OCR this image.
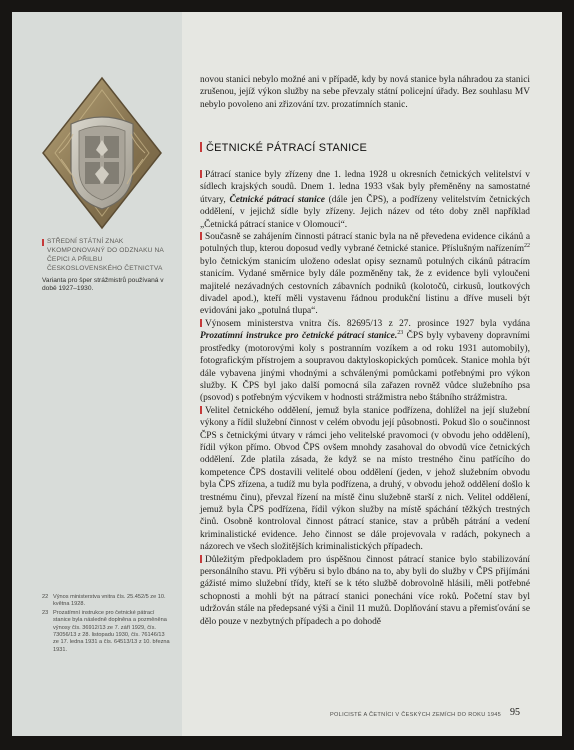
STŘEDNÍ STÁTNÍ ZNAK VKOMPONOVANÝ DO ODZNAKU NA ČEPICI A PŘILBU ČESKOSLOVENSKÉHO ČETNICTVA
Varianta pro šper strážmistrů používaná v době 1927–1930.
22 Výnos ministerstva vnitra čís. 25.452/5 ze 10. května 1928.
23 Prozatímní instrukce pro četnické pátrací stanice byla následně doplněna a pozměněna výnosy čís. 36912/13 ze 7. září 1929, čís. 73056/13 z 28. listopadu 1930, čís. 76146/13 ze 17. ledna 1931 a čís. 64513/13 z 10. března 1931.

novou stanici nebylo možné ani v případě, kdy by nová stanice byla náhradou za stanici zrušenou, jejíž výkon služby na sebe převzaly státní policejní úřady. Bez souhlasu MV nebylo povoleno ani zřizování tzv. prozatímních stanic.

ČETNICKÉ PÁTRACÍ STANICE

Pátrací stanice byly zřízeny dne 1. ledna 1928 u okresních četnických velitelství v sídlech krajských soudů. Dnem 1. ledna 1933 však byly přeměněny na samostatné útvary, Četnické pátrací stanice (dále jen ČPS), a podřízeny velitelstvím četnických oddělení, v jejichž sídle byly zřízeny. Jejich název od této doby zněl například „Četnická pátrací stanice v Olomouci“.

Současně se zahájením činnosti pátrací stanic byla na ně převedena evidence cikánů a potulných tlup, kterou doposud vedly vybrané četnické stanice. Příslušným nařízením$^{22}$ bylo četnickým stanicím uloženo odeslat opisy seznamů potulných cikánů pátracím stanicím. Vydané směrnice byly dále pozměněny tak, že z evidence byli vyloučeni majitelé nezávadných cestovních zábavních podniků (kolotočů, cirkusů, loutkových divadel apod.), kteří měli vystavenu řádnou produkční listinu a dříve museli být evidováni jako „potulná tlupa“.

Výnosem ministerstva vnitra čís. 82695/13 z 27. prosince 1927 byla vydána Prozatímní instrukce pro četnické pátrací stanice.$^{23}$ ČPS byly vybaveny dopravními prostředky (motorovými koly s postranním vozíkem a od roku 1931 automobily), fotografickým přístrojem a soupravou daktyloskopických pomůcek. Stanice mohla být dále vybavena jinými vhodnými a schválenými pomůckami potřebnými pro výkon služby. K ČPS byl jako další pomocná síla zařazen rovněž vůdce služebního psa (psovod) s potřebným výcvikem v hodnosti strážmistra nebo štábního strážmistra.

Velitel četnického oddělení, jemuž byla stanice podřízena, dohlížel na její služební výkony a řídil služební činnost v celém obvodu její působnosti. Pokud šlo o součinnost ČPS s četnickými útvary v rámci jeho velitelské pravomoci (v obvodu jeho oddělení), řídil výkon přímo. Obvod ČPS ovšem mnohdy zasahoval do obvodů více četnických oddělení. Zde platila zásada, že když se na místo trestného činu patřícího do kompetence ČPS dostavili velitelé obou oddělení (jeden, v jehož služebním obvodu byla ČPS zřízena, a tudíž mu byla podřízena, a druhý, v obvodu jehož oddělení došlo k trestnému činu), převzal řízení na místě činu služebně starší z nich. Velitel oddělení, jemuž byla ČPS podřízena, řídil výkon služby na místě spáchání těžkých trestných činů. Osobně kontroloval činnost pátrací stanice, stav a průběh pátrání a vedení kriminalistické evidence. Jeho činnost se dále projevovala v radách, pokynech a názorech ve všech složitějších kriminalistických případech.

Důležitým předpokladem pro úspěšnou činnost pátrací stanice bylo stabilizování personálního stavu. Při výběru si bylo dbáno na to, aby byli do služby v ČPS přijímáni gážisté mimo služební třídy, kteří se k této službě dobrovolně hlásili, měli potřebné schopnosti a mohli být na pátrací stanici ponecháni více roků. Početní stav byl udržován stále na předepsané výši a činil 11 mužů. Doplňování stavu a přemisťování se dělo pouze v nezbytných případech a po dohodě

POLICISTÉ A ČETNÍCI V ČESKÝCH ZEMÍCH DO ROKU 1945 95
